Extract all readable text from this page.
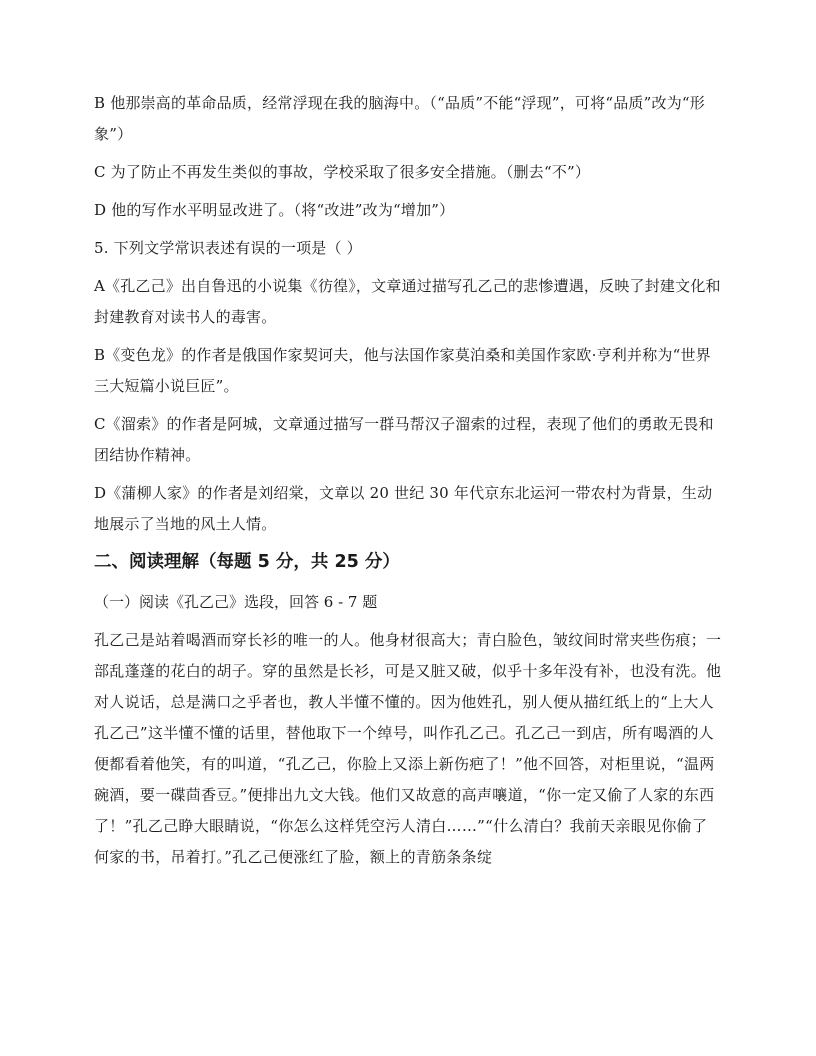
B 他那崇高的革命品质，经常浮现在我的脑海中。（“品质”不能“浮现”，可将“品质”改为“形象”）

C 为了防止不再发生类似的事故，学校采取了很多安全措施。（删去“不”）

D 他的写作水平明显改进了。（将“改进”改为“增加”）

5. 下列文学常识表述有误的一项是（ ）

A《孔乙己》出自鲁迅的小说集《彷徨》，文章通过描写孔乙己的悲惨遭遇，反映了封建文化和封建教育对读书人的毒害。

B《变色龙》的作者是俄国作家契诃夫，他与法国作家莫泊桑和美国作家欧·亨利并称为“世界三大短篇小说巨匠”。

C《溜索》的作者是阿城，文章通过描写一群马帮汉子溜索的过程，表现了他们的勇敢无畏和团结协作精神。

D《蒲柳人家》的作者是刘绍棠，文章以 20 世纪 30 年代京东北运河一带农村为背景，生动地展示了当地的风土人情。

二、阅读理解（每题 5 分，共 25 分）

（一）阅读《孔乙己》选段，回答 6 - 7 题

孔乙己是站着喝酒而穿长衫的唯一的人。他身材很高大；青白脸色，皱纹间时常夹些伤痕；一部乱蓬蓬的花白的胡子。穿的虽然是长衫，可是又脏又破，似乎十多年没有补，也没有洗。他对人说话，总是满口之乎者也，教人半懂不懂的。因为他姓孔，别人便从描红纸上的“上大人孔乙己”这半懂不懂的话里，替他取下一个绰号，叫作孔乙己。孔乙己一到店，所有喝酒的人便都看着他笑，有的叫道，“孔乙己，你脸上又添上新伤疤了！”他不回答，对柜里说，“温两碗酒，要一碟茴香豆。”便排出九文大钱。他们又故意的高声嚷道，“你一定又偷了人家的东西了！”孔乙己睁大眼睛说，“你怎么这样凭空污人清白……”“什么清白？我前天亲眼见你偷了何家的书，吊着打。”孔乙己便涨红了脸，额上的青筋条条绽
